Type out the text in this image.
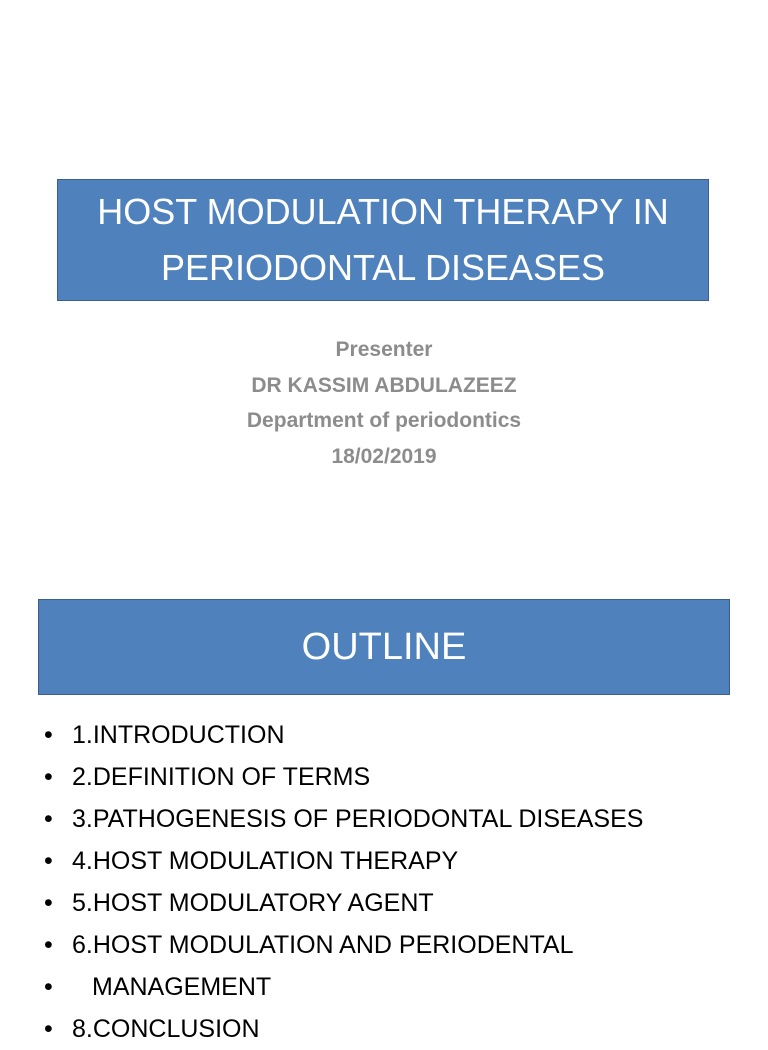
HOST MODULATION THERAPY IN
PERIODONTAL DISEASES
Presenter
DR KASSIM ABDULAZEEZ
Department of periodontics
18/02/2019
OUTLINE
• 1.INTRODUCTION
• 2.DEFINITION OF TERMS
• 3.PATHOGENESIS OF PERIODONTAL DISEASES
• 4.HOST MODULATION THERAPY
• 5.HOST MODULATORY AGENT
• 6.HOST MODULATION AND PERIODENTAL
• MANAGEMENT
• 8.CONCLUSION
